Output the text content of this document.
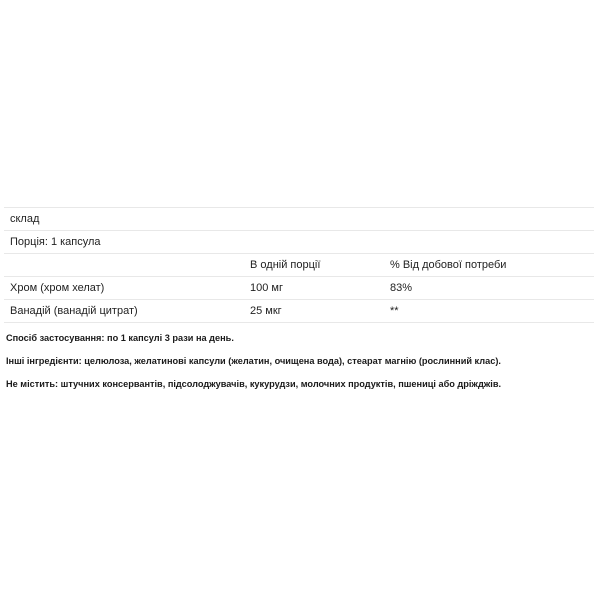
склад		
Порція: 1 капсула		
	В одній порції	% Від добової потреби
Хром (хром хелат)	100 мг	83%
Ванадій (ванадій цитрат)	25 мкг	**

Спосіб застосування: по 1 капсулі 3 рази на день.

Інші інгредієнти: целюлоза, желатинові капсули (желатин, очищена вода), стеарат магнію (рослинний клас).

Не містить: штучних консервантів, підсолоджувачів, кукурудзи, молочних продуктів, пшениці або дріжджів.
